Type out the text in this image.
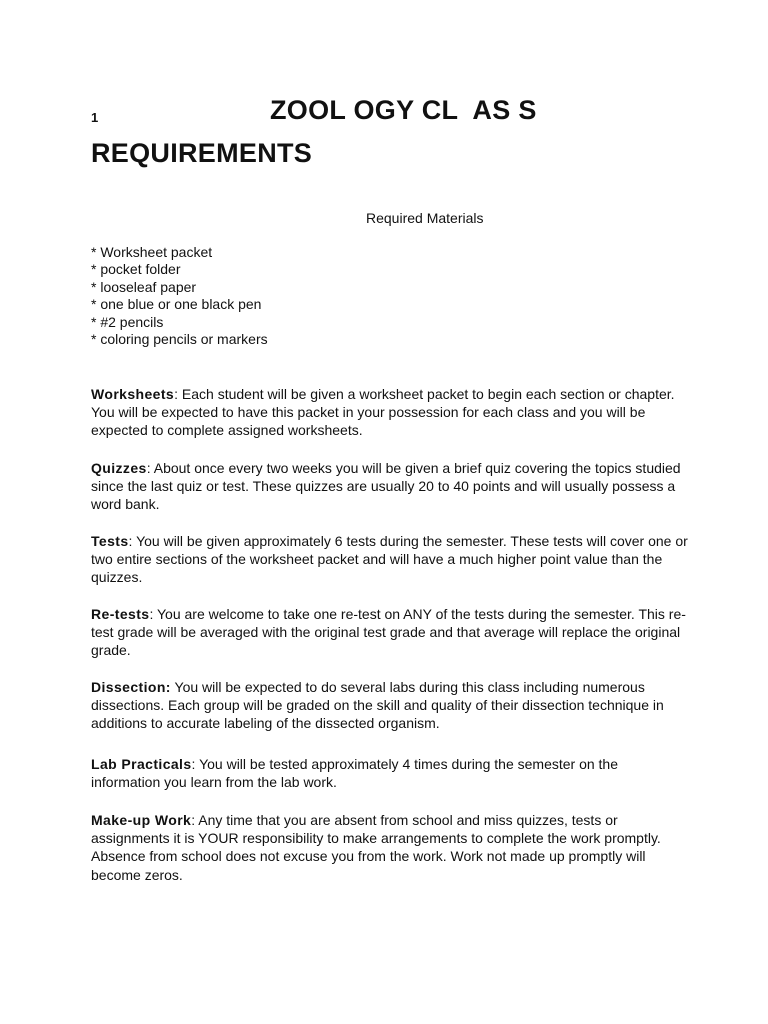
1	ZOOL OGY CL  AS S
REQUIREMENTS
Required Materials
* Worksheet packet
* pocket folder
* looseleaf paper
* one blue or one black pen
* #2 pencils
* coloring pencils or markers

Worksheets: Each student will be given a worksheet packet to begin each section or chapter. You will be expected to have this packet in your possession for each class and you will be expected to complete assigned worksheets.

Quizzes: About once every two weeks you will be given a brief quiz covering the topics studied since the last quiz or test. These quizzes are usually 20 to 40 points and will usually possess a word bank.

Tests: You will be given approximately 6 tests during the semester. These tests will cover one or two entire sections of the worksheet packet and will have a much higher point value than the quizzes.

Re-tests: You are welcome to take one re-test on ANY of the tests during the semester. This re-test grade will be averaged with the original test grade and that average will replace the original grade.

Dissection: You will be expected to do several labs during this class including numerous dissections. Each group will be graded on the skill and quality of their dissection technique in additions to accurate labeling of the dissected organism.

Lab Practicals: You will be tested approximately 4 times during the semester on the information you learn from the lab work.

Make-up Work: Any time that you are absent from school and miss quizzes, tests or assignments it is YOUR responsibility to make arrangements to complete the work promptly. Absence from school does not excuse you from the work. Work not made up promptly will become zeros.
